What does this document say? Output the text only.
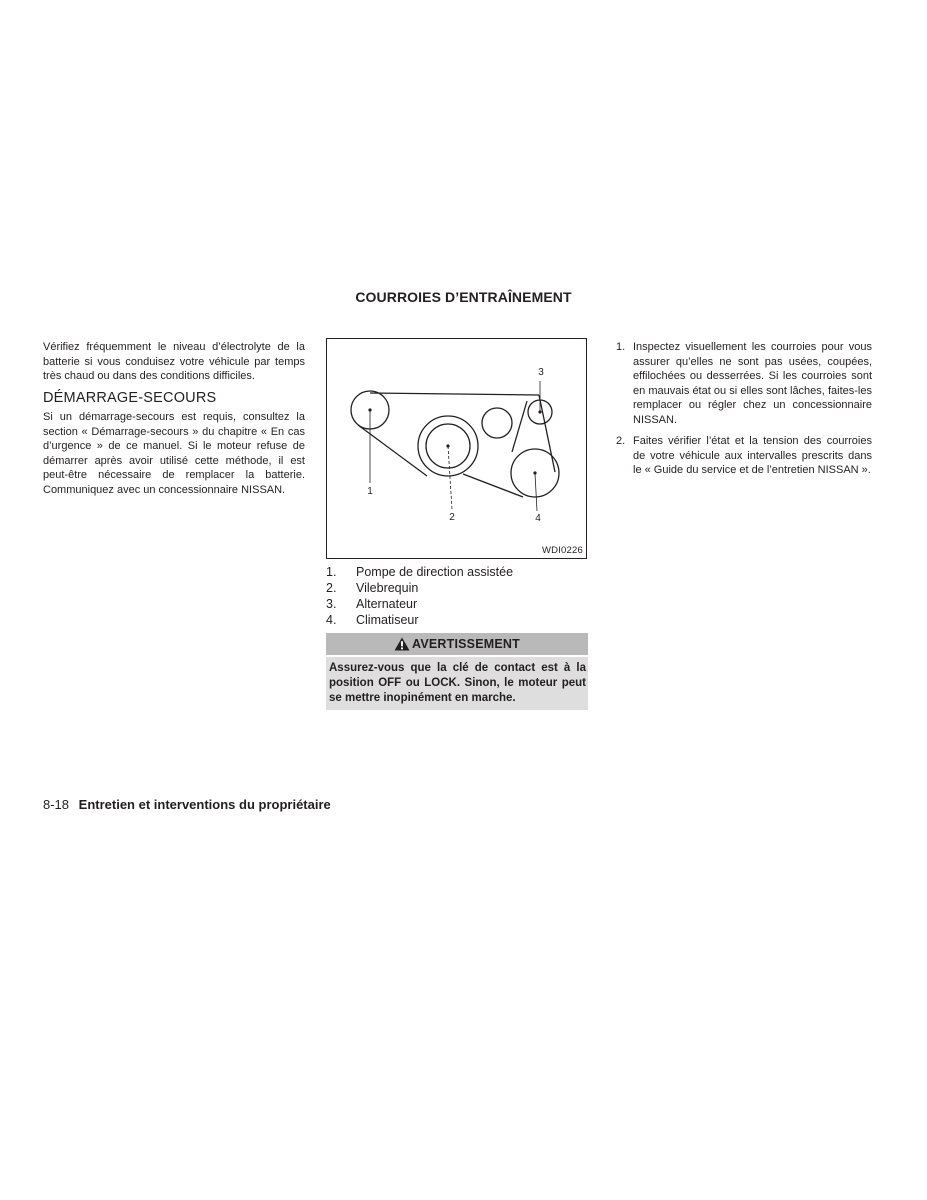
COURROIES D’ENTRAÎNEMENT

Vérifiez fréquemment le niveau d’électrolyte de la batterie si vous conduisez votre véhicule par temps très chaud ou dans des conditions difficiles.

DÉMARRAGE-SECOURS

Si un démarrage-secours est requis, consultez la section « Démarrage-secours » du chapitre « En cas d’urgence » de ce manuel. Si le moteur refuse de démarrer après avoir utilisé cette méthode, il est peut-être nécessaire de remplacer la batterie. Communiquez avec un concessionnaire NISSAN.	1
2
3
4
WDI0226
1.	Pompe de direction assistée
2.	Vilebrequin
3.	Alternateur
4.	Climatiseur
AVERTISSEMENT
Assurez-vous que la clé de contact est à la position OFF ou LOCK. Sinon, le moteur peut se mettre inopinément en marche.
1. Inspectez visuellement les courroies pour vous assurer qu’elles ne sont pas usées, coupées, effilochées ou desserrées. Si les courroies sont en mauvais état ou si elles sont lâches, faites-les remplacer ou régler chez un concessionnaire NISSAN.
2. Faites vérifier l’état et la tension des courroies de votre véhicule aux intervalles prescrits dans le « Guide du service et de l’entretien NISSAN ».
8-18 Entretien et interventions du propriétaire
